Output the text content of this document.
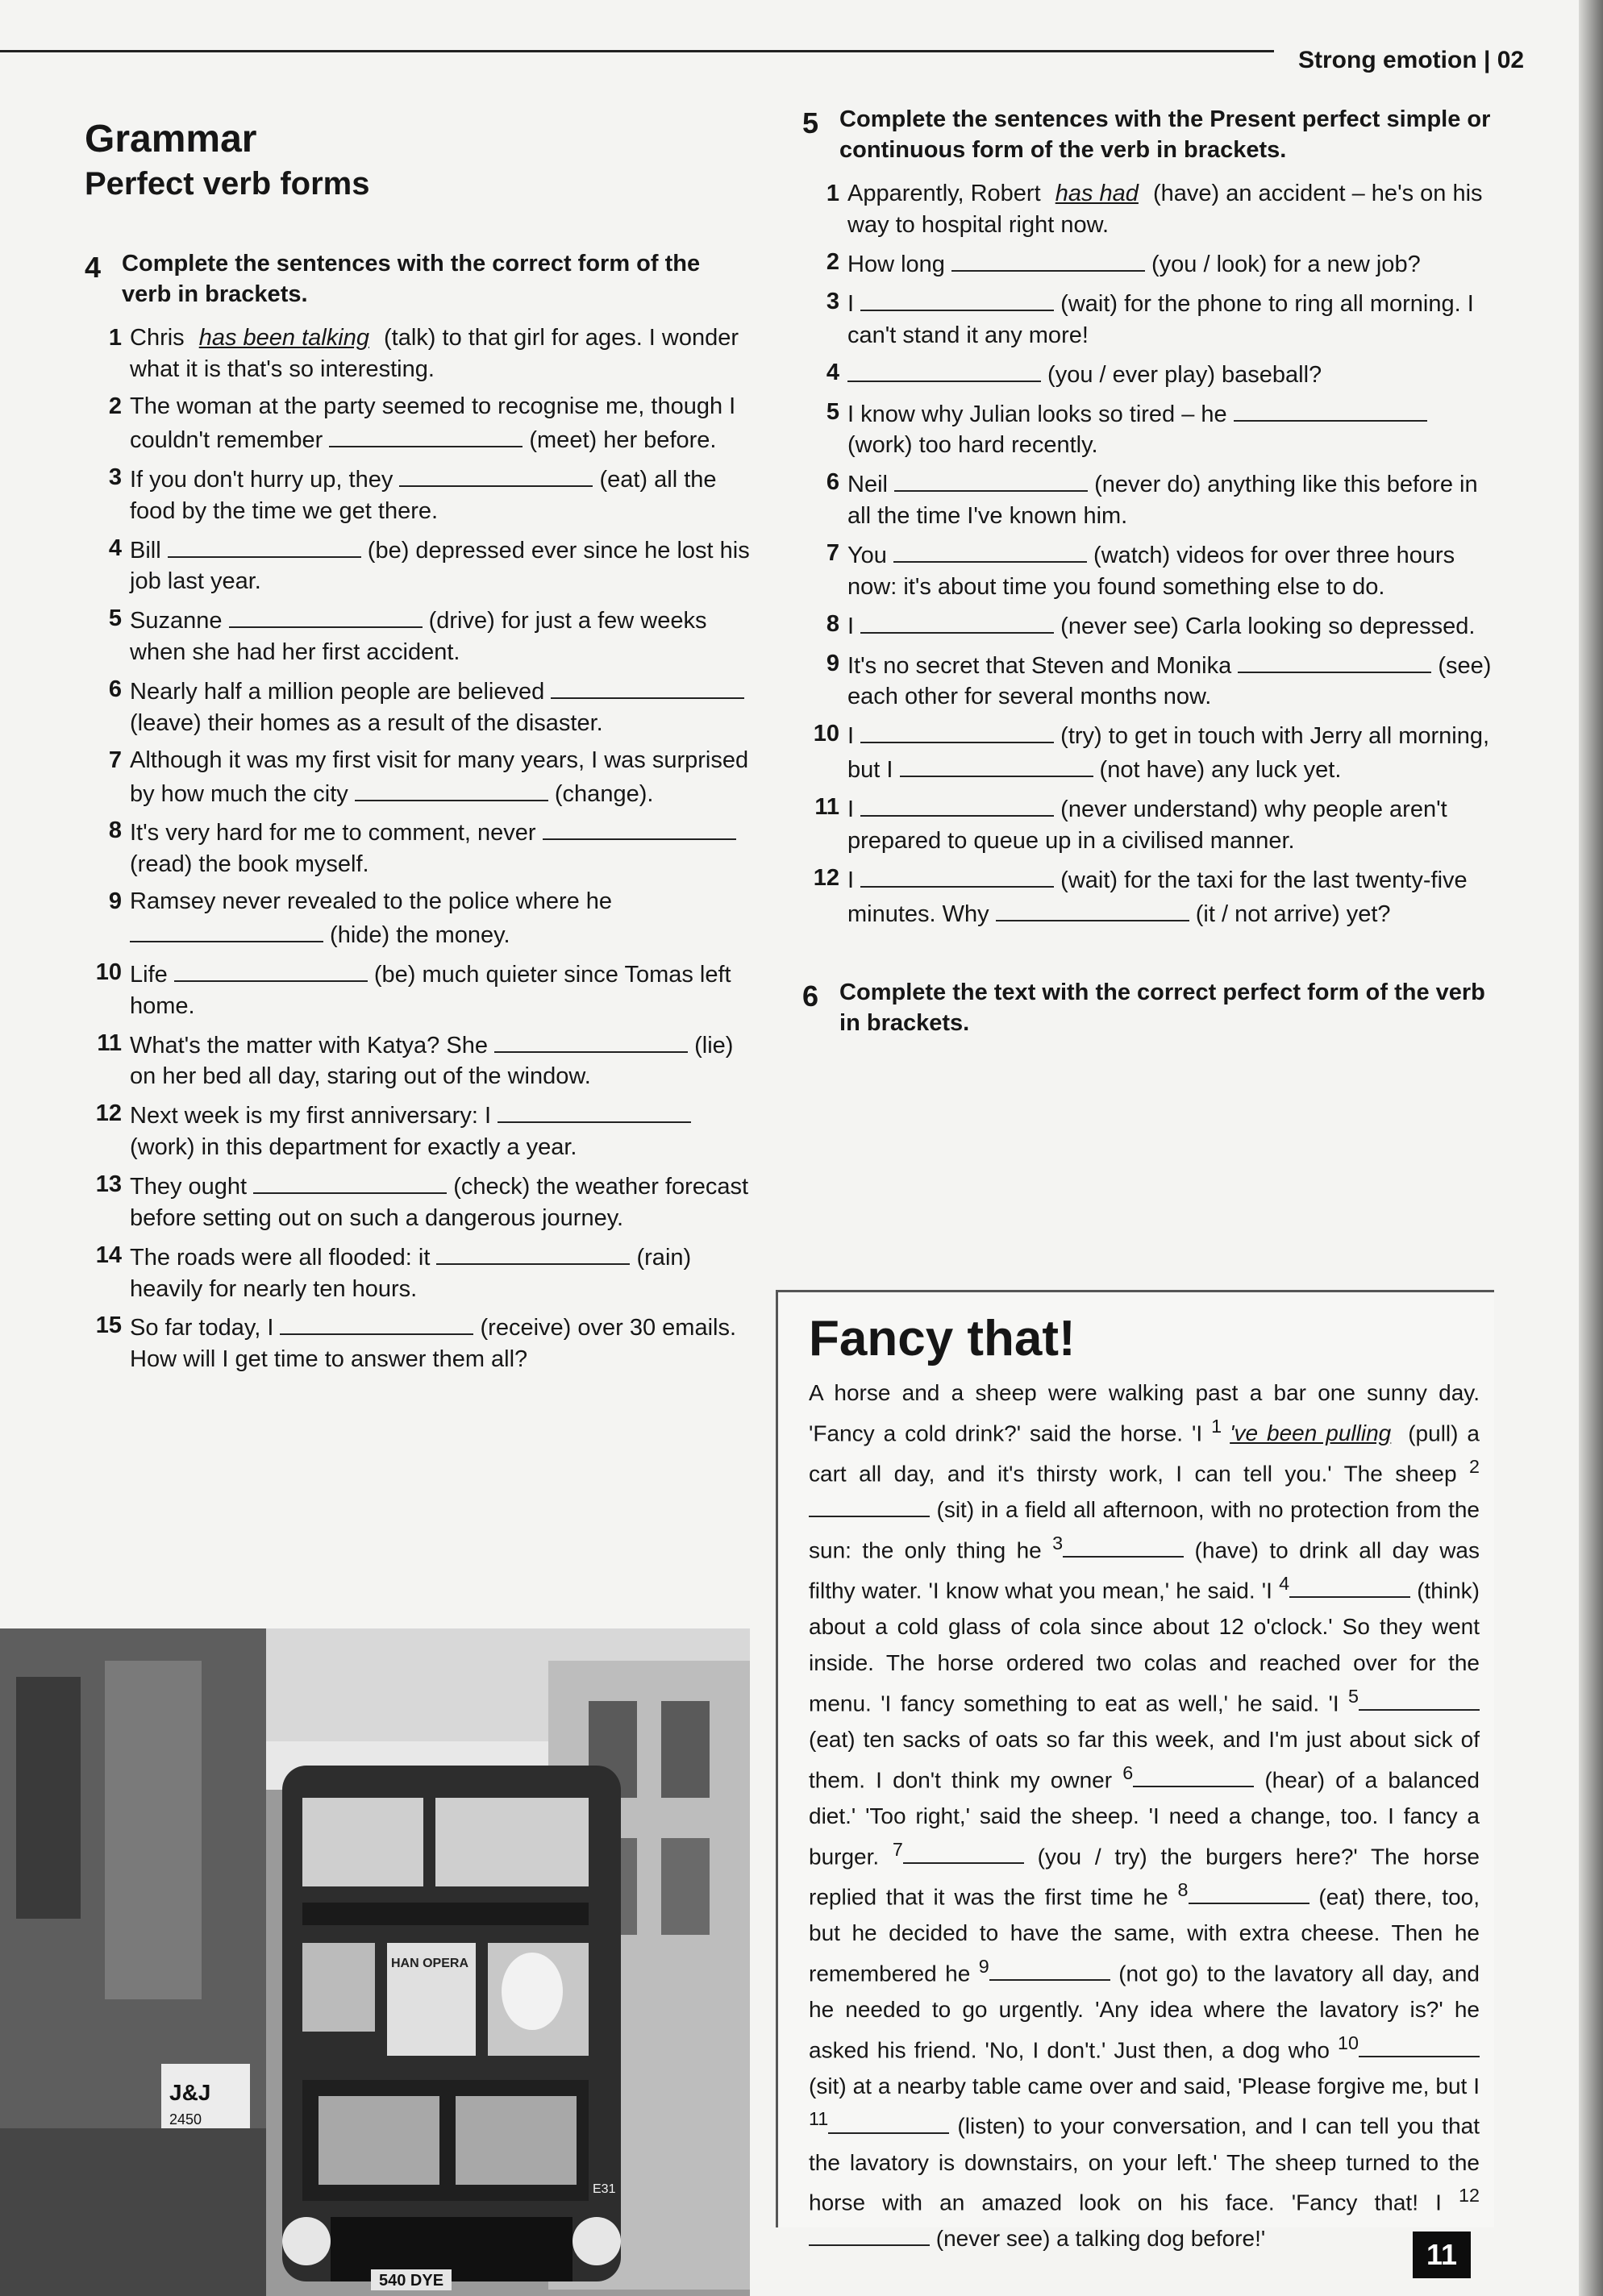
Strong emotion | 02
Grammar
Perfect verb forms
4 Complete the sentences with the correct form of the verb in brackets.
1 Chris has been talking (talk) to that girl for ages. I wonder what it is that's so interesting.
2 The woman at the party seemed to recognise me, though I couldn't remember	(meet) her before.
3 If you don't hurry up, they	(eat) all the food by the time we get there.
4 Bill	(be) depressed ever since he lost his job last year.
5 Suzanne	(drive) for just a few weeks when she had her first accident.
6 Nearly half a million people are believed  (leave) their homes as a result of the disaster.
7 Although it was my first visit for many years, I was surprised by how much the city	(change).
8 It's very hard for me to comment, never  (read) the book myself.
9 Ramsey never revealed to the police where he  (hide) the money.
10 Life	(be) much quieter since Tomas left home.
11 What's the matter with Katya? She	(lie) on her bed all day, staring out of the window.
12 Next week is my first anniversary: I  (work) in this department for exactly a year.
13 They ought	(check) the weather forecast before setting out on such a dangerous journey.
14 The roads were all flooded: it	(rain) heavily for nearly ten hours.
15 So far today, I	(receive) over 30 emails. How will I get time to answer them all?
5 Complete the sentences with the Present perfect simple or continuous form of the verb in brackets.
1 Apparently, Robert has had (have) an accident – he's on his way to hospital right now.
2 How long	(you / look) for a new job?
3 I	(wait) for the phone to ring all morning. I can't stand it any more!
4	(you / ever play) baseball?
5 I know why Julian looks so tired – he  (work) too hard recently.
6 Neil	(never do) anything like this before in all the time I've known him.
7 You	(watch) videos for over three hours now: it's about time you found something else to do.
8 I	(never see) Carla looking so depressed.
9 It's no secret that Steven and Monika	(see) each other for several months now.
10 I	(try) to get in touch with Jerry all morning, but I	(not have) any luck yet.
11 I	(never understand) why people aren't prepared to queue up in a civilised manner.
12 I	(wait) for the taxi for the last twenty-five minutes. Why	(it / not arrive) yet?
6 Complete the text with the correct perfect form of the verb in brackets.
Fancy that!
A horse and a sheep were walking past a bar one sunny day. 'Fancy a cold drink?' said the horse. 'I $^1$ 've been pulling (pull) a cart all day, and it's thirsty work, I can tell you.' The sheep $^2$ (sit) in a field all afternoon, with no protection from the sun: the only thing he $^3$	(have) to drink all day was filthy water. 'I know what you mean,' he said. 'I $^4$	(think) about a cold glass of cola since about 12 o'clock.' So they went inside. The horse ordered two colas and reached over for the menu. 'I fancy something to eat as well,' he said. 'I $^5$ (eat) ten sacks of oats so far this week, and I'm just about sick of them. I don't think my owner $^6$	(hear) of a balanced diet.' 'Too right,' said the sheep. 'I need a change, too. I fancy a burger. $^7$	(you / try) the burgers here?' The horse replied that it was the first time he $^8$	(eat) there, too, but he decided to have the same, with extra cheese. Then he remembered he $^9$	(not go) to the lavatory all day, and he needed to go urgently. 'Any idea where the lavatory is?' he asked his friend. 'No, I don't.' Just then, a dog who $^{10}$ (sit) at a nearby table came over and said, 'Please forgive me, but I $^{11}$	(listen) to your conversation, and I can tell you that the lavatory is downstairs, on your left.' The sheep turned to the horse with an amazed look on his face. 'Fancy that! I $^{12}$ (never see) a talking dog before!'
J&J
2450
540 DYE
E31
HAN OPERA
11
